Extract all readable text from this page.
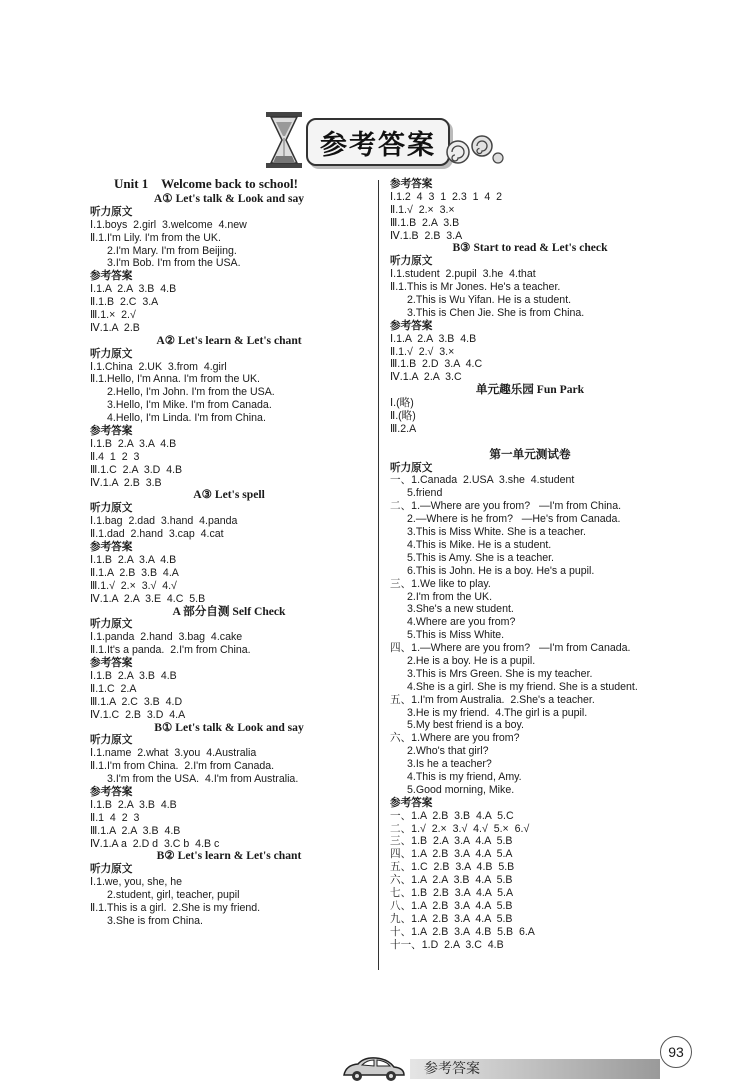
参考答案
Unit 1    Welcome back to school!
A① Let's talk & Look and say
听力原文
Ⅰ.1.boys  2.girl  3.welcome  4.new
Ⅱ.1.I'm Lily. I'm from the UK.
2.I'm Mary. I'm from Beijing.
3.I'm Bob. I'm from the USA.
参考答案
Ⅰ.1.A  2.A  3.B  4.B
Ⅱ.1.B  2.C  3.A
Ⅲ.1.×  2.√
Ⅳ.1.A  2.B
A② Let's learn & Let's chant
听力原文
Ⅰ.1.China  2.UK  3.from  4.girl
Ⅱ.1.Hello, I'm Anna. I'm from the UK.
2.Hello, I'm John. I'm from the USA.
3.Hello, I'm Mike. I'm from Canada.
4.Hello, I'm Linda. I'm from China.
参考答案
Ⅰ.1.B  2.A  3.A  4.B
Ⅱ.4  1  2  3
Ⅲ.1.C  2.A  3.D  4.B
Ⅳ.1.A  2.B  3.B
A③ Let's spell
听力原文
Ⅰ.1.bag  2.dad  3.hand  4.panda
Ⅱ.1.dad  2.hand  3.cap  4.cat
参考答案
Ⅰ.1.B  2.A  3.A  4.B
Ⅱ.1.A  2.B  3.B  4.A
Ⅲ.1.√  2.×  3.√  4.√
Ⅳ.1.A  2.A  3.E  4.C  5.B
A 部分自测 Self Check
听力原文
Ⅰ.1.panda  2.hand  3.bag  4.cake
Ⅱ.1.It's a panda.  2.I'm from China.
参考答案
Ⅰ.1.B  2.A  3.B  4.B
Ⅱ.1.C  2.A
Ⅲ.1.A  2.C  3.B  4.D
Ⅳ.1.C  2.B  3.D  4.A
B① Let's talk & Look and say
听力原文
Ⅰ.1.name  2.what  3.you  4.Australia
Ⅱ.1.I'm from China.  2.I'm from Canada.
3.I'm from the USA.  4.I'm from Australia.
参考答案
Ⅰ.1.B  2.A  3.B  4.B
Ⅱ.1  4  2  3
Ⅲ.1.A  2.A  3.B  4.B
Ⅳ.1.A a  2.D d  3.C b  4.B c
B② Let's learn & Let's chant
听力原文
Ⅰ.1.we, you, she, he
2.student, girl, teacher, pupil
Ⅱ.1.This is a girl.  2.She is my friend.
3.She is from China.
参考答案
Ⅰ.1.2  4  3  1  2.3  1  4  2
Ⅱ.1.√  2.×  3.×
Ⅲ.1.B  2.A  3.B
Ⅳ.1.B  2.B  3.A
B③ Start to read & Let's check
听力原文
Ⅰ.1.student  2.pupil  3.he  4.that
Ⅱ.1.This is Mr Jones. He's a teacher.
2.This is Wu Yifan. He is a student.
3.This is Chen Jie. She is from China.
参考答案
Ⅰ.1.A  2.A  3.B  4.B
Ⅱ.1.√  2.√  3.×
Ⅲ.1.B  2.D  3.A  4.C
Ⅳ.1.A  2.A  3.C
单元趣乐园 Fun Park
Ⅰ.(略)
Ⅱ.(略)
Ⅲ.2.A
第一单元测试卷
听力原文
一、1.Canada  2.USA  3.she  4.student
5.friend
二、1.—Where are you from?   —I'm from China.
2.—Where is he from?   —He's from Canada.
3.This is Miss White. She is a teacher.
4.This is Mike. He is a student.
5.This is Amy. She is a teacher.
6.This is John. He is a boy. He's a pupil.
三、1.We like to play.
2.I'm from the UK.
3.She's a new student.
4.Where are you from?
5.This is Miss White.
四、1.—Where are you from?   —I'm from Canada.
2.He is a boy. He is a pupil.
3.This is Mrs Green. She is my teacher.
4.She is a girl. She is my friend. She is a student.
五、1.I'm from Australia.  2.She's a teacher.
3.He is my friend.  4.The girl is a pupil.
5.My best friend is a boy.
六、1.Where are you from?
2.Who's that girl?
3.Is he a teacher?
4.This is my friend, Amy.
5.Good morning, Mike.
参考答案
一、1.A  2.B  3.B  4.A  5.C
二、1.√  2.×  3.√  4.√  5.×  6.√
三、1.B  2.A  3.A  4.A  5.B
四、1.A  2.B  3.A  4.A  5.A
五、1.C  2.B  3.A  4.B  5.B
六、1.A  2.A  3.B  4.A  5.B
七、1.B  2.B  3.A  4.A  5.A
八、1.A  2.B  3.A  4.A  5.B
九、1.A  2.B  3.A  4.A  5.B
十、1.A  2.B  3.A  4.B  5.B  6.A
十一、1.D  2.A  3.C  4.B
参考答案
93
